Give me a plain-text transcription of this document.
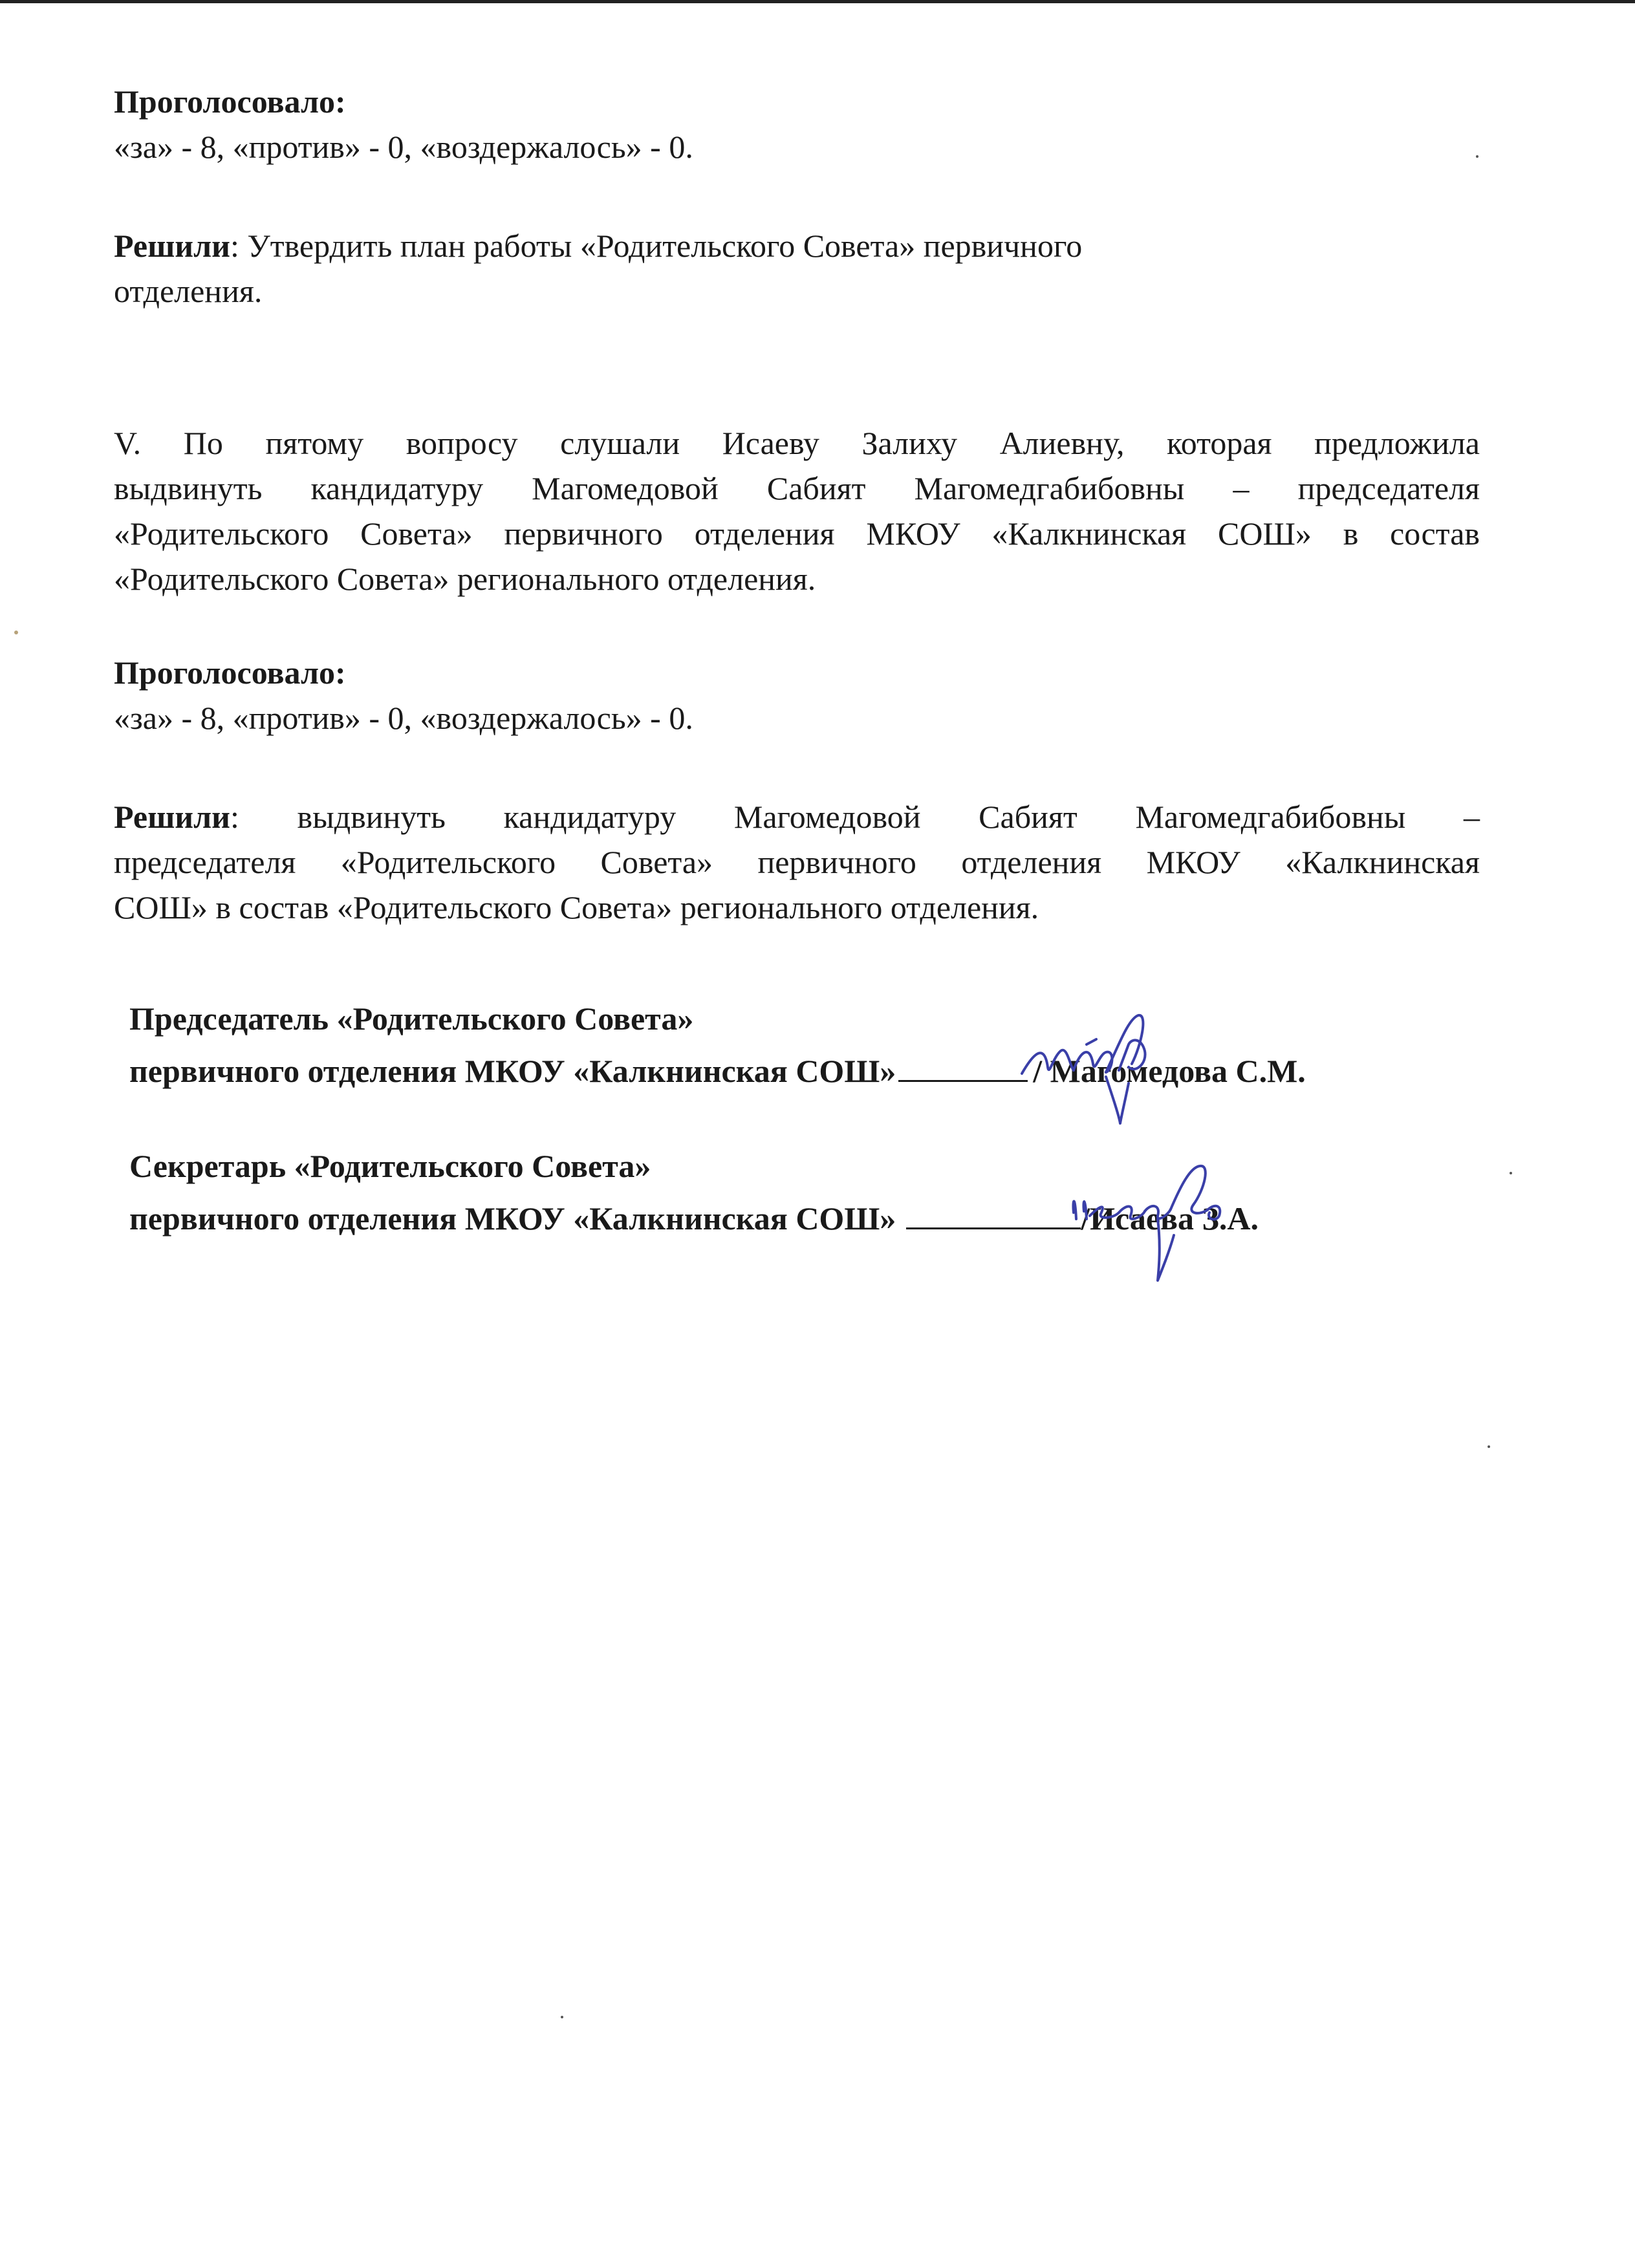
Проголосовало:
«за» - 8, «против» - 0, «воздержалось» - 0.
Решили: Утвердить план работы «Родительского Совета» первичного
отделения.
V. По пятому вопросу слушали Исаеву Залиху Алиевну, которая предложила
выдвинуть кандидатуру Магомедовой Сабият Магомедгабибовны – председателя
«Родительского Совета» первичного отделения МКОУ «Калкнинская СОШ» в состав
«Родительского Совета» регионального отделения.
Проголосовало:
«за» - 8, «против» - 0, «воздержалось» - 0.
Решили: выдвинуть кандидатуру Магомедовой Сабият Магомедгабибовны –
председателя «Родительского Совета» первичного отделения МКОУ «Калкнинская
СОШ» в состав «Родительского Совета» регионального отделения.
Председатель «Родительского Совета»
первичного отделения МКОУ «Калкнинская СОШ»	/ Магомедова С.М.
Секретарь «Родительского Совета»
первичного отделения МКОУ «Калкнинская СОШ»	/Исаева З.А.
